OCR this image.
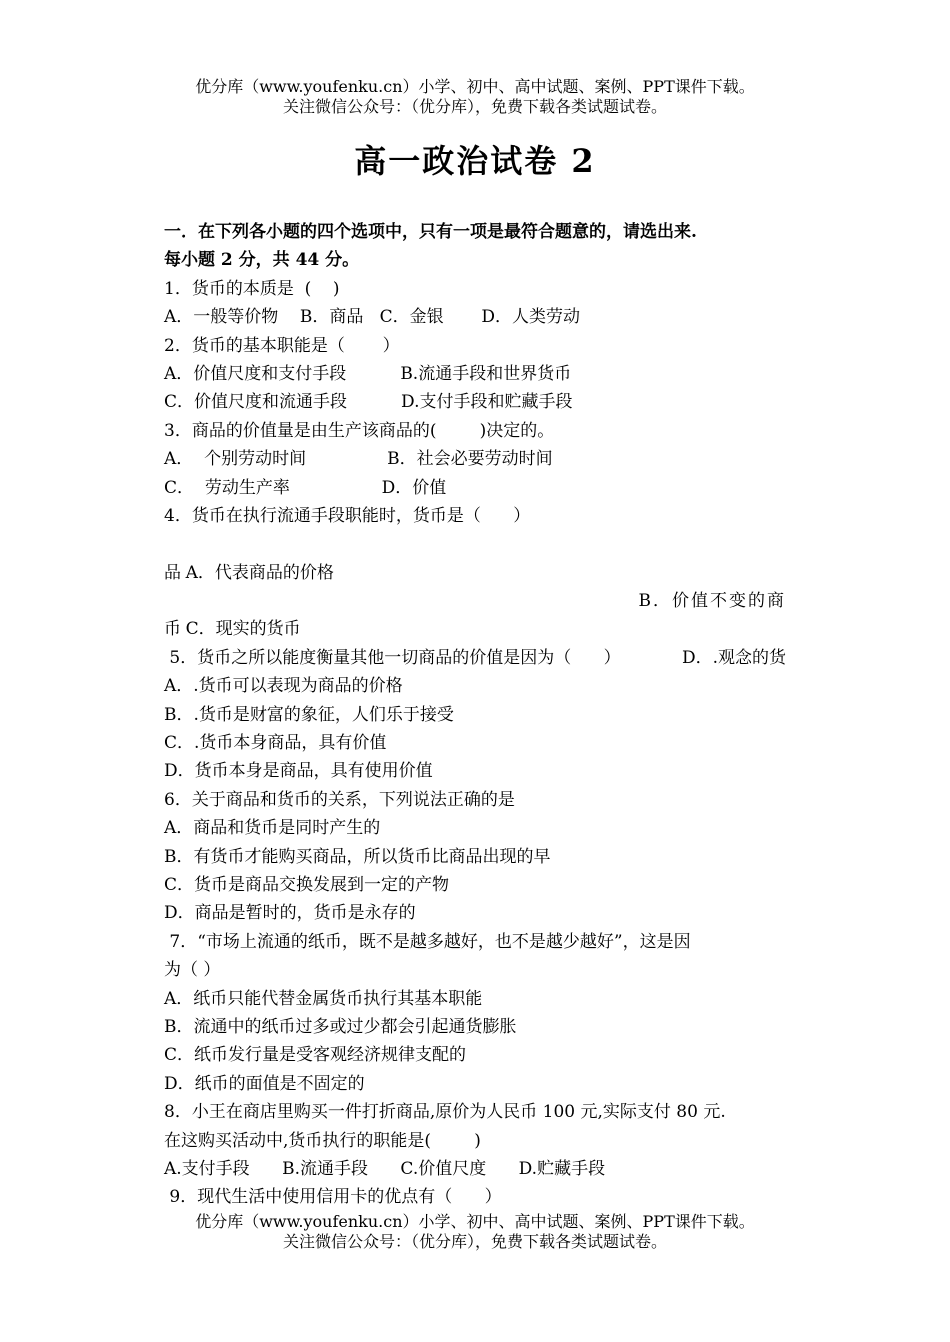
优分库（www.youfenku.cn）小学、初中、高中试题、案例、PPT课件下载。
关注微信公众号：（优分库），免费下载各类试题试卷。
高一政治试卷 2
一．在下列各小题的四个选项中，只有一项是最符合题意的，请选出来.
每小题 2 分，共 44 分。
1．货币的本质是  (    )
A．一般等价物    B．商品   C．金银       D．人类劳动
2．货币的基本职能是（       ）
A．价值尺度和支付手段          B.流通手段和世界货币
C．价值尺度和流通手段          D.支付手段和贮藏手段
3．商品的价值量是由生产该商品的(        )决定的。
A．  个别劳动时间               B．社会必要劳动时间
C．  劳动生产率                 D．价值
4．货币在执行流通手段职能时，货币是（      ）

A．代表商品的价格

B．价值不变的商

品

C．现实的货币

D．.观念的货

币
5．货币之所以能度衡量其他一切商品的价值是因为（      ）
A．.货币可以表现为商品的价格
B．.货币是财富的象征，人们乐于接受
C．.货币本身商品，具有价值
D．货币本身是商品，具有使用价值
6．关于商品和货币的关系，下列说法正确的是
A．商品和货币是同时产生的
B．有货币才能购买商品，所以货币比商品出现的早
C．货币是商品交换发展到一定的产物
D．商品是暂时的，货币是永存的
7．“市场上流通的纸币，既不是越多越好，也不是越少越好”，这是因
为（ ）
A．纸币只能代替金属货币执行其基本职能
B．流通中的纸币过多或过少都会引起通货膨胀
C．纸币发行量是受客观经济规律支配的
D．纸币的面值是不固定的
8．小王在商店里购买一件打折商品,原价为人民币 100 元,实际支付 80 元.
在这购买活动中,货币执行的职能是(        )
A.支付手段      B.流通手段      C.价值尺度      D.贮藏手段
9．现代生活中使用信用卡的优点有（      ）
优分库（www.youfenku.cn）小学、初中、高中试题、案例、PPT课件下载。
关注微信公众号：（优分库），免费下载各类试题试卷。
